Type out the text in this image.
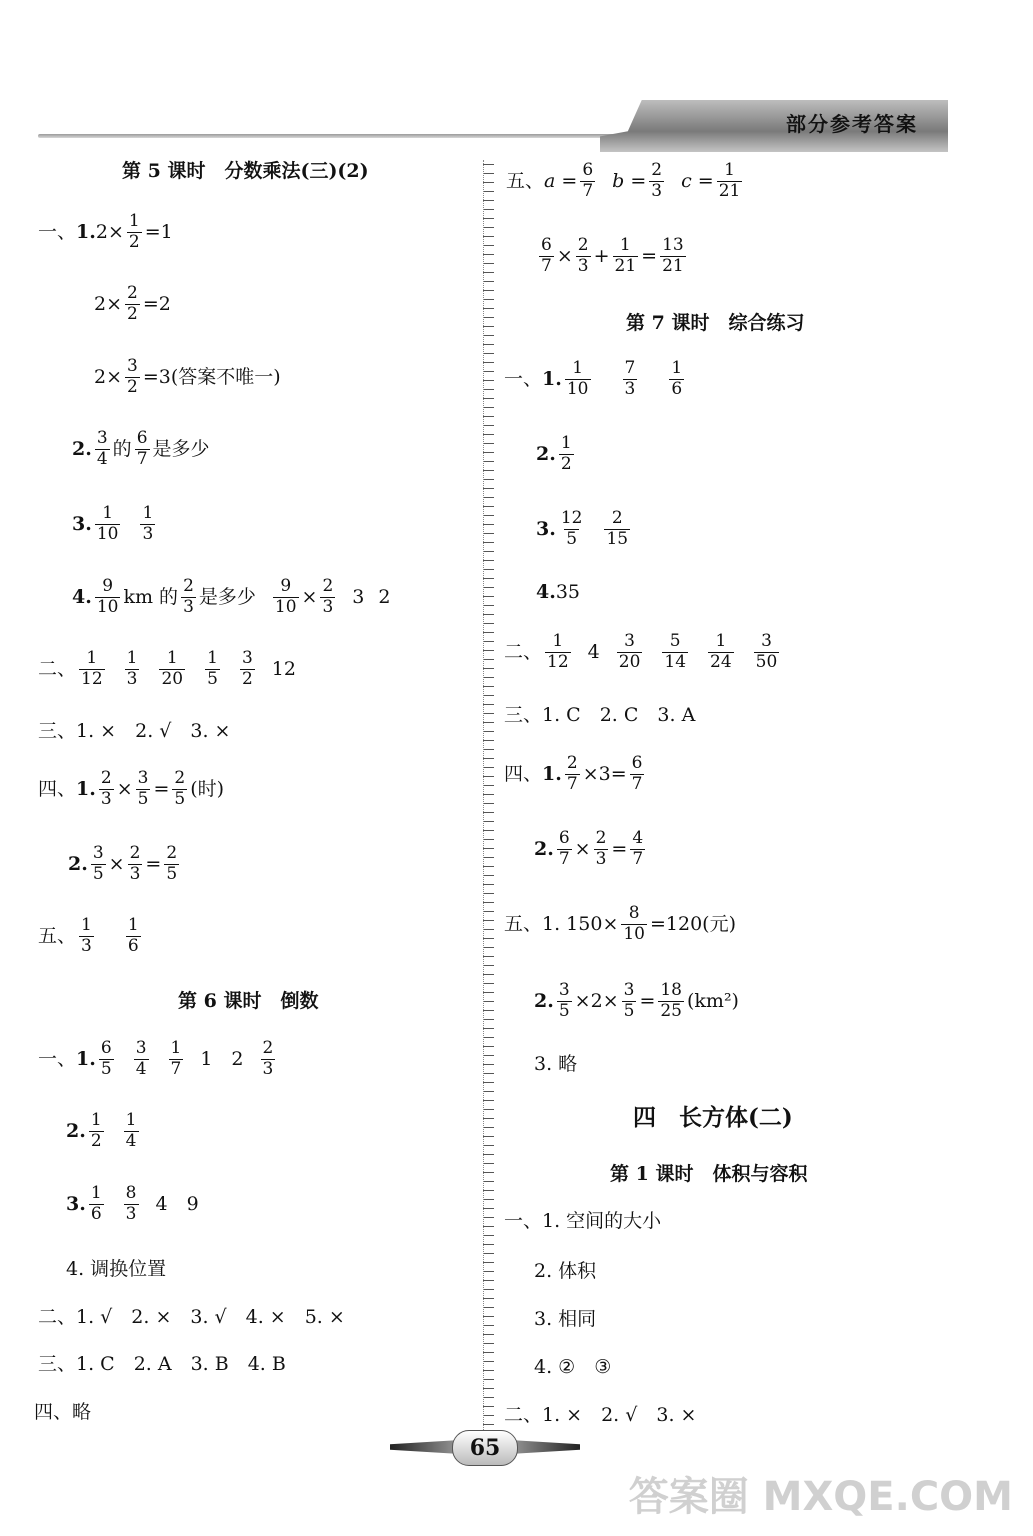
部分参考答案
第 5 课时　分数乘法(三)(2)
一、 1. $2 \times \frac{1}{2} = 1$
$2 \times \frac{2}{2} = 2$
$2 \times \frac{3}{2} = 3$ (答案不唯一)
2. $\frac{3}{4}$ 的 $\frac{6}{7}$ 是多少
3. $\frac{1}{10} \frac{1}{3}$
4. $\frac{9}{10}$ km 的 $\frac{2}{3}$ 是多少 $\frac{9}{10} \times \frac{2}{3} 3$ 2
二、 $\frac{1}{12} \frac{1}{3} \frac{1}{20} \frac{1}{5} \frac{3}{2} 12$
三、 1. ×　2. √　3. ×
四、 1. $\frac{2}{3} \times \frac{3}{5} = \frac{2}{5}$ (时)
2. $\frac{3}{5} \times \frac{2}{3} = \frac{2}{5}$
五、 $\frac{1}{3} \frac{1}{6}$
第 6 课时　倒数
一、 1. $\frac{6}{5} \frac{3}{4} \frac{1}{7} 1$　$2 \frac{2}{3}$
2. $\frac{1}{2} \frac{1}{4}$
3. $\frac{1}{6} \frac{8}{3} 4$　9
4. 调换位置
二、1. √　2. ×　3. √　4. ×　5. ×
三、1. C　2. A　3. B　4. B
四、略
五、 $a = \frac{6}{7}$ $b = \frac{2}{3}$ $c = \frac{1}{21}$
$\frac{6}{7} \times \frac{2}{3} + \frac{1}{21} = \frac{13}{21}$
第 7 课时　综合练习
一、 1. $\frac{1}{10} \frac{7}{3} \frac{1}{6}$
2. $\frac{1}{2}$
3. $\frac{12}{5} \frac{2}{15}$
4. 35
二、 $\frac{1}{12} 4 \frac{3}{20} \frac{5}{14} \frac{1}{24} \frac{3}{50}$
三、1. C　2. C　3. A
四、 1. $\frac{2}{7} \times 3 = \frac{6}{7}$
2. $\frac{6}{7} \times \frac{2}{3} = \frac{4}{7}$
五、1. $150 \times \frac{8}{10} = 120$(元)
2. $\frac{3}{5} \times 2 \times \frac{3}{5} = \frac{18}{25} (km^2)$
3. 略
四　长方体(二)
第 1 课时　体积与容积
一、1. 空间的大小
2. 体积
3. 相同
4. ②　③
二、1. ×　2. √　3. ×
65
答案圈 MXQE.COM
